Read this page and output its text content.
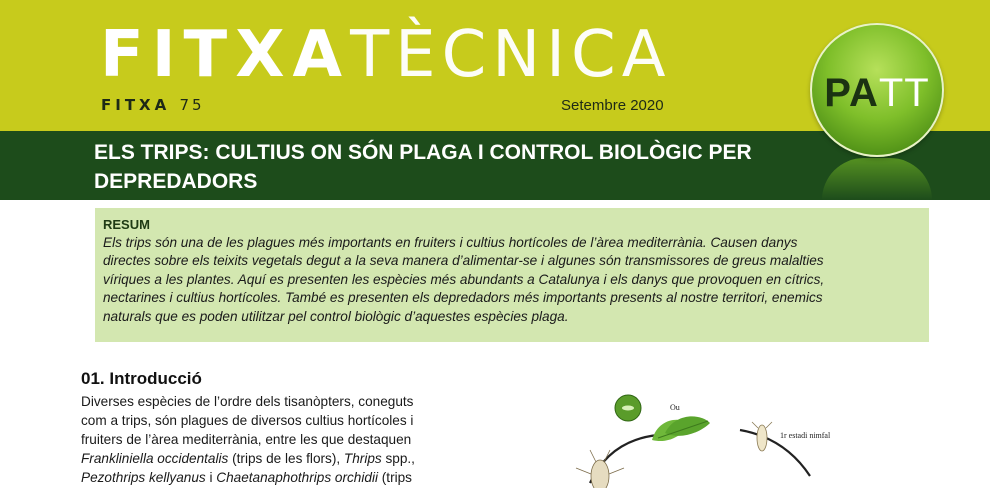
FITXATÈCNICA
FITXA 75	Setembre 2020	PATT
ELS TRIPS: CULTIUS ON SÓN PLAGA I CONTROL BIOLÒGIC PER
DEPREDADORS
RESUM
Els trips són una de les plagues més importants en fruiters i cultius hortícoles de l’àrea mediterrània. Causen danys
directes sobre els teixits vegetals degut a la seva manera d’alimentar-se i algunes són transmissores de greus malalties
víriques a les plantes. Aquí es presenten les espècies més abundants a Catalunya i els danys que provoquen en cítrics,
nectarines i cultius hortícoles. També es presenten els depredadors més importants presents al nostre territori, enemics
naturals que es poden utilitzar pel control biològic d’aquestes espècies plaga.
01. Introducció
Diverses espècies de l’ordre dels tisanòpters, coneguts
com a trips, són plagues de diversos cultius hortícoles i
fruiters de l’àrea mediterrània, entre les que destaquen
Frankliniella occidentalis (trips de les flors), Thrips spp.,
Pezothrips kellyanus i Chaetanaphothrips orchidii (trips
Ou
1r estadi nimfal
